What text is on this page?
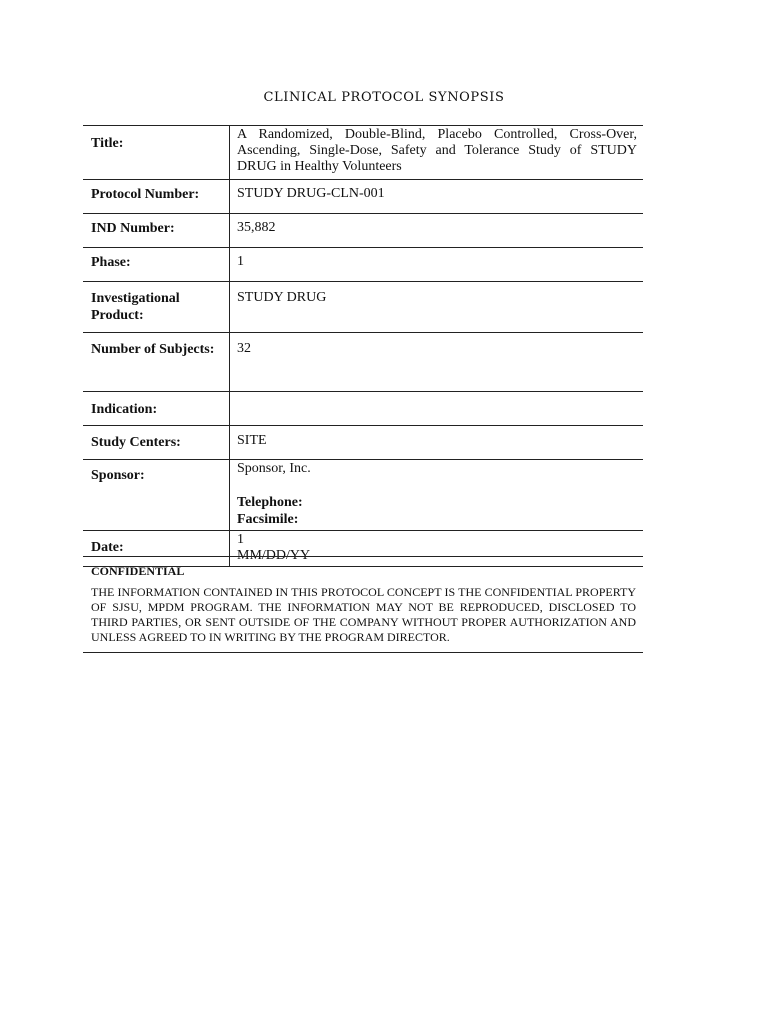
CLINICAL PROTOCOL SYNOPSIS
Title:
A Randomized, Double-Blind, Placebo Controlled, Cross-Over, Ascending, Single-Dose, Safety and Tolerance Study of STUDY DRUG in Healthy Volunteers
Protocol Number:	STUDY DRUG-CLN-001
IND Number:	35,882
Phase:	1
Investigational Product:
STUDY DRUG
Number of Subjects:	32
Indication:
Study Centers:	SITE
Sponsor:	Sponsor, Inc.
Telephone:
Facsimile:
Date:
1
MM/DD/YY
CONFIDENTIAL
THE INFORMATION CONTAINED IN THIS PROTOCOL CONCEPT IS THE CONFIDENTIAL PROPERTY OF SJSU, MPDM PROGRAM. THE INFORMATION MAY NOT BE REPRODUCED, DISCLOSED TO THIRD PARTIES, OR SENT OUTSIDE OF THE COMPANY WITHOUT PROPER AUTHORIZATION AND UNLESS AGREED TO IN WRITING BY THE PROGRAM DIRECTOR.
